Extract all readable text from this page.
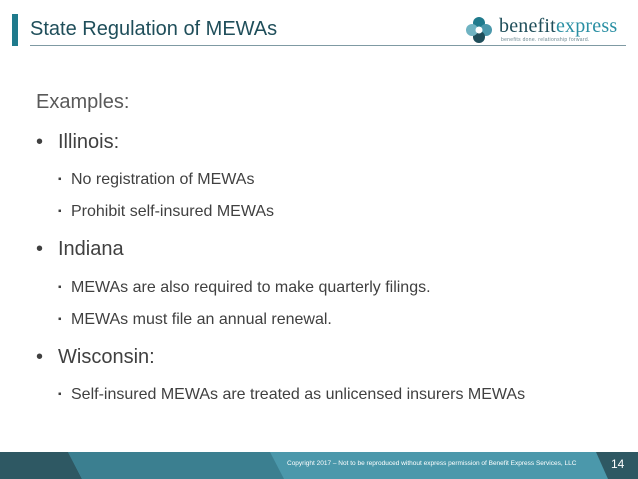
State Regulation of MEWAs	benefitexpress
benefits done. relationship forward.
Examples:
• Illinois:
▪ No registration of MEWAs
▪ Prohibit self-insured MEWAs
• Indiana
▪ MEWAs are also required to make quarterly filings.
▪ MEWAs must file an annual renewal.
• Wisconsin:
▪ Self-insured MEWAs are treated as unlicensed insurers MEWAs
Copyright 2017 – Not to be reproduced without express permission of Benefit Express Services, LLC	14
